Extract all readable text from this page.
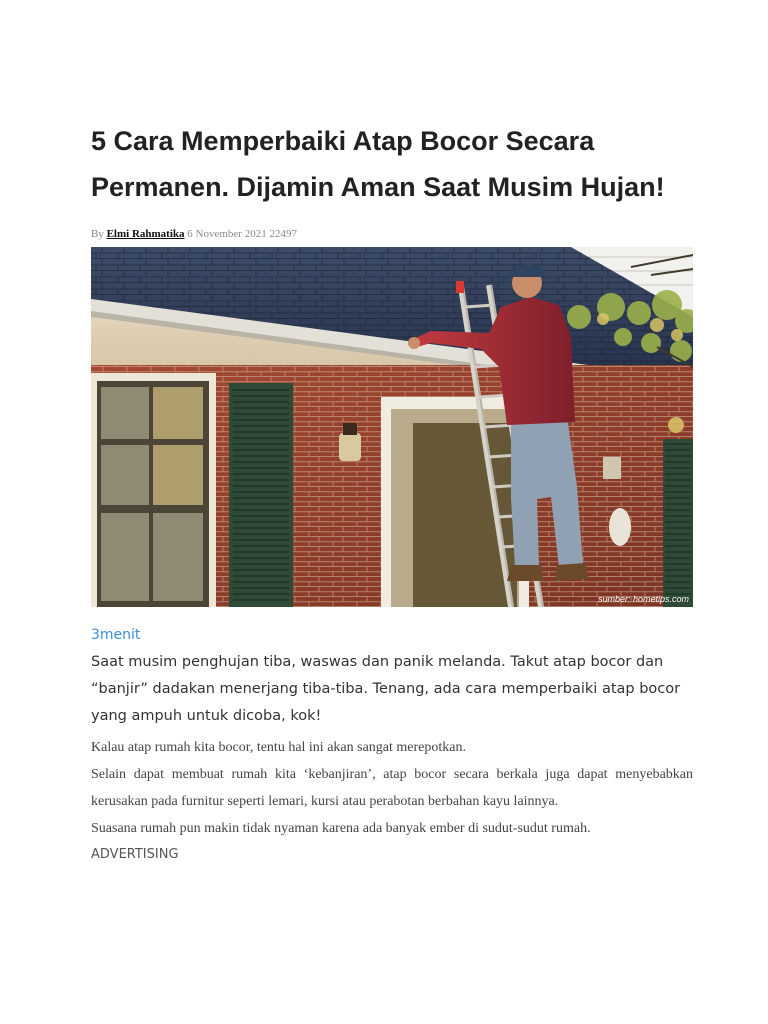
5 Cara Memperbaiki Atap Bocor Secara Permanen. Dijamin Aman Saat Musim Hujan!
By Elmi Rahmatika 6 November 2021 22497
sumber: hometips.com
3menit

Saat musim penghujan tiba, waswas dan panik melanda. Takut atap bocor dan “banjir” dadakan menerjang tiba-tiba. Tenang, ada cara memperbaiki atap bocor yang ampuh untuk dicoba, kok!

Kalau atap rumah kita bocor, tentu hal ini akan sangat merepotkan.

Selain dapat membuat rumah kita ‘kebanjiran’, atap bocor secara berkala juga dapat menyebabkan kerusakan pada furnitur seperti lemari, kursi atau perabotan berbahan kayu lainnya.

Suasana rumah pun makin tidak nyaman karena ada banyak ember di sudut-sudut rumah.

ADVERTISING
